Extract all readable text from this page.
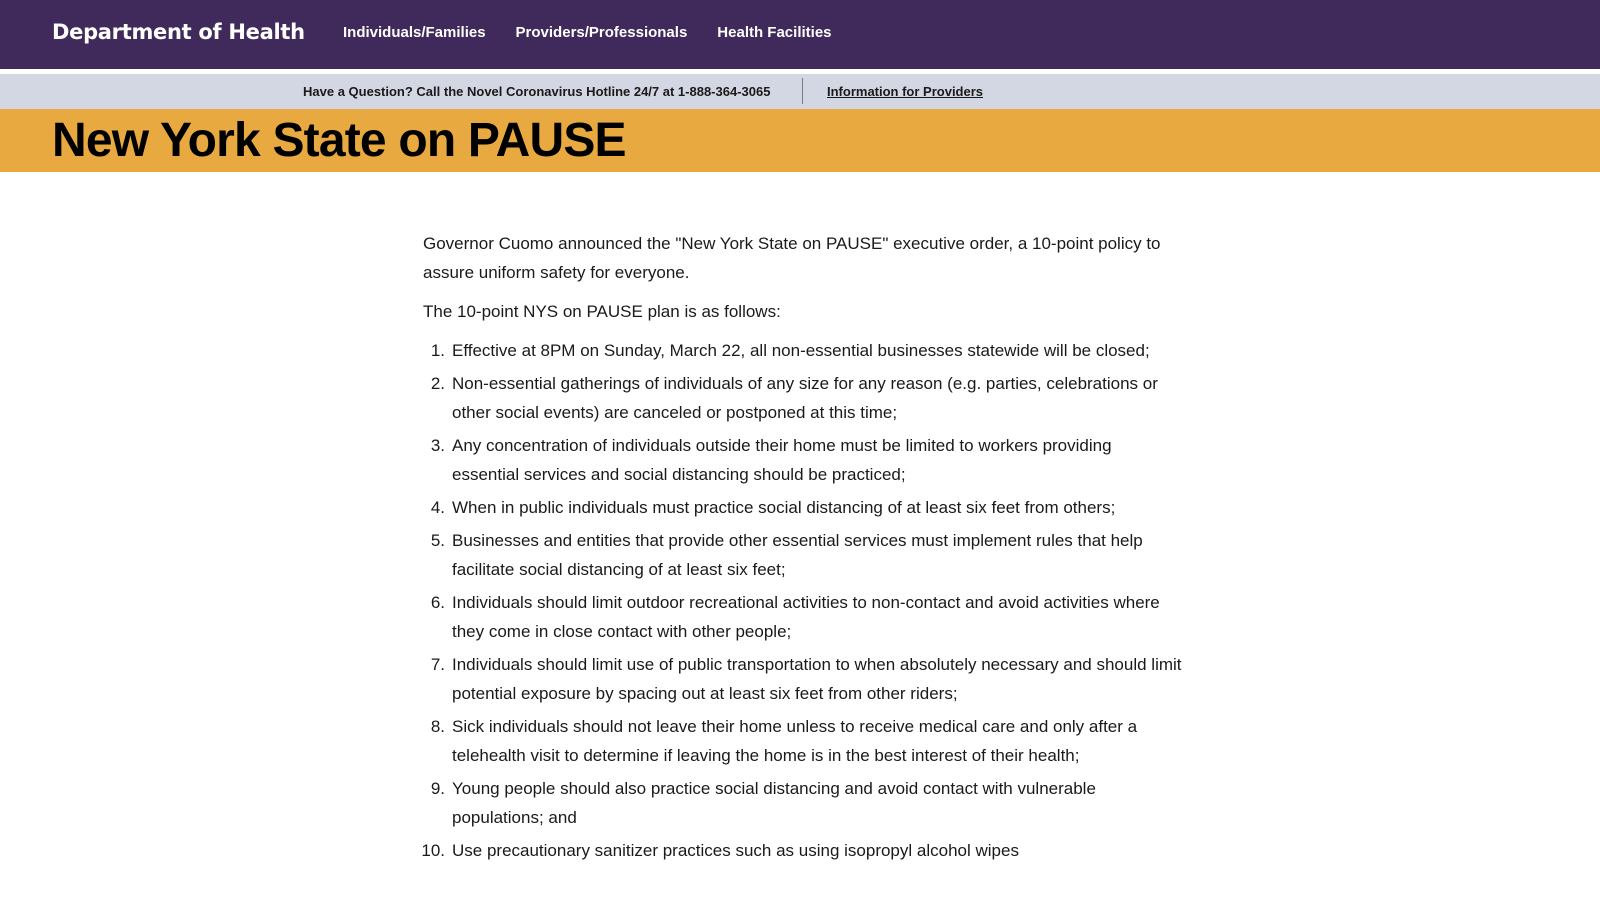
Department of Health	Individuals/Families Providers/Professionals Health Facilities
Have a Question? Call the Novel Coronavirus Hotline 24/7 at 1-888-364-3065	Information for Providers
New York State on PAUSE

Governor Cuomo announced the "New York State on PAUSE" executive order, a 10-point policy to assure uniform safety for everyone.

The 10-point NYS on PAUSE plan is as follows:

1. Effective at 8PM on Sunday, March 22, all non-essential businesses statewide will be closed;
2. Non-essential gatherings of individuals of any size for any reason (e.g. parties, celebrations or other social events) are canceled or postponed at this time;
3. Any concentration of individuals outside their home must be limited to workers providing essential services and social distancing should be practiced;
4. When in public individuals must practice social distancing of at least six feet from others;
5. Businesses and entities that provide other essential services must implement rules that help facilitate social distancing of at least six feet;
6. Individuals should limit outdoor recreational activities to non-contact and avoid activities where they come in close contact with other people;
7. Individuals should limit use of public transportation to when absolutely necessary and should limit potential exposure by spacing out at least six feet from other riders;
8. Sick individuals should not leave their home unless to receive medical care and only after a telehealth visit to determine if leaving the home is in the best interest of their health;
9. Young people should also practice social distancing and avoid contact with vulnerable populations; and
10. Use precautionary sanitizer practices such as using isopropyl alcohol wipes
